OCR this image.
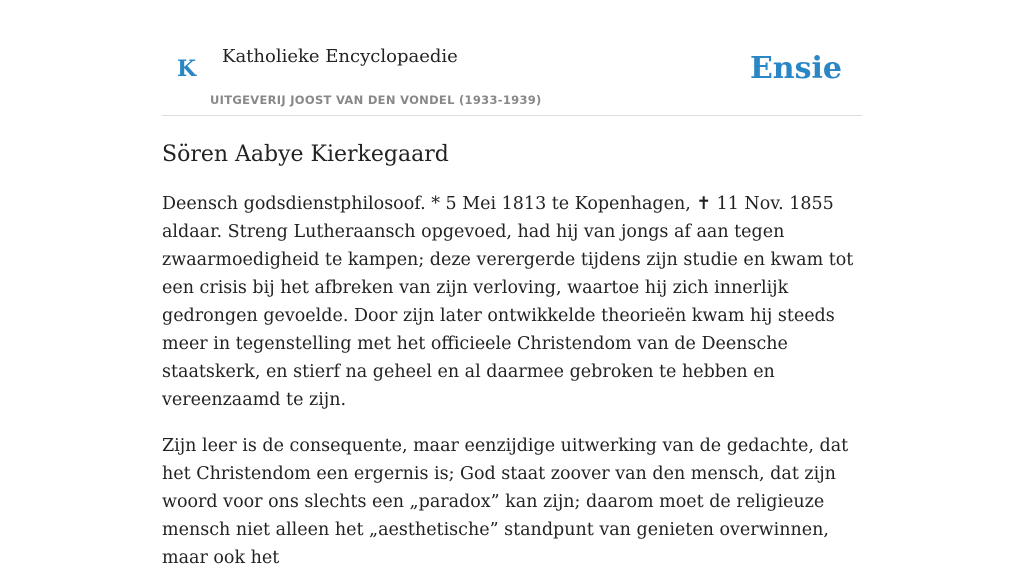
K Katholieke Encyclopaedie
UITGEVERIJ JOOST VAN DEN VONDEL (1933-1939)
Ensie
Sören Aabye Kierkegaard

Deensch godsdienstphilosoof. * 5 Mei 1813 te Kopenhagen, ✝ 11 Nov. 1855 aldaar. Streng Lutheraansch opgevoed, had hij van jongs af aan tegen zwaarmoedigheid te kampen; deze verergerde tijdens zijn studie en kwam tot een crisis bij het afbreken van zijn verloving, waartoe hij zich innerlijk gedrongen gevoelde. Door zijn later ontwikkelde theorieën kwam hij steeds meer in tegenstelling met het officieele Christendom van de Deensche staatskerk, en stierf na geheel en al daarmee gebroken te hebben en vereenzaamd te zijn.

Zijn leer is de consequente, maar eenzijdige uitwerking van de gedachte, dat het Christendom een ergernis is; God staat zoover van den mensch, dat zijn woord voor ons slechts een „paradox” kan zijn; daarom moet de religieuze mensch niet alleen het „aesthetische” standpunt van genieten overwinnen, maar ook het
